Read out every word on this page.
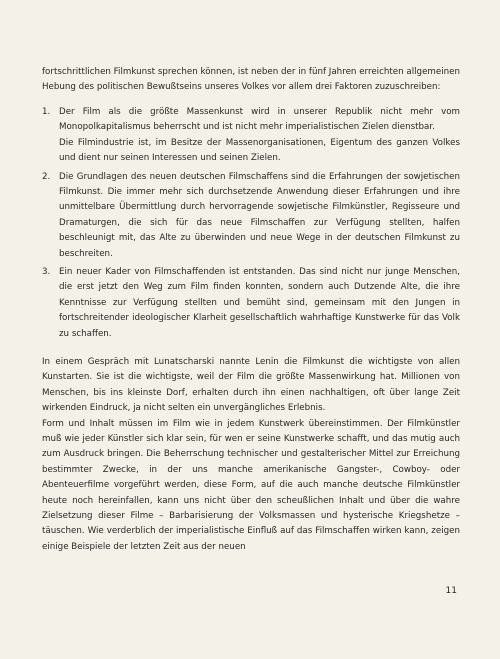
fortschrittlichen Filmkunst sprechen können, ist neben der in fünf Jahren erreichten allgemeinen Hebung des politischen Bewußtseins unseres Volkes vor allem drei Faktoren zuzuschreiben:
1.	Der Film als die größte Massenkunst wird in unserer Republik nicht mehr vom Monopolkapitalismus beherrscht und ist nicht mehr imperialistischen Zielen dienstbar.

Die Filmindustrie ist, im Besitze der Massenorganisationen, Eigentum des ganzen Volkes und dient nur seinen Interessen und seinen Zielen.

2.	Die Grundlagen des neuen deutschen Filmschaffens sind die Erfahrungen der sowjetischen Filmkunst. Die immer mehr sich durchsetzende Anwendung dieser Erfahrungen und ihre unmittelbare Übermittlung durch hervorragende sowjetische Filmkünstler, Regisseure und Dramaturgen, die sich für das neue Filmschaffen zur Verfügung stellten, halfen beschleunigt mit, das Alte zu überwinden und neue Wege in der deutschen Filmkunst zu beschreiten.

3.	Ein neuer Kader von Filmschaffenden ist entstanden. Das sind nicht nur junge Menschen, die erst jetzt den Weg zum Film finden konnten, sondern auch Dutzende Alte, die ihre Kenntnisse zur Verfügung stellten und bemüht sind, gemeinsam mit den Jungen in fortschreitender ideologischer Klarheit gesellschaftlich wahrhaftige Kunstwerke für das Volk zu schaffen.

In einem Gespräch mit Lunatscharski nannte Lenin die Filmkunst die wichtigste von allen Kunstarten. Sie ist die wichtigste, weil der Film die größte Massenwirkung hat. Millionen von Menschen, bis ins kleinste Dorf, erhalten durch ihn einen nachhaltigen, oft über lange Zeit wirkenden Eindruck, ja nicht selten ein unvergängliches Erlebnis.

Form und Inhalt müssen im Film wie in jedem Kunstwerk übereinstimmen. Der Filmkünstler muß wie jeder Künstler sich klar sein, für wen er seine Kunstwerke schafft, und das mutig auch zum Ausdruck bringen. Die Beherrschung technischer und gestalterischer Mittel zur Erreichung bestimmter Zwecke, in der uns manche amerikanische Gangster-, Cowboy- oder Abenteuerfilme vorgeführt werden, diese Form, auf die auch manche deutsche Filmkünstler heute noch hereinfallen, kann uns nicht über den scheußlichen Inhalt und über die wahre Zielsetzung dieser Filme – Barbarisierung der Volksmassen und hysterische Kriegshetze – täuschen. Wie verderblich der imperialistische Einfluß auf das Filmschaffen wirken kann, zeigen einige Beispiele der letzten Zeit aus der neuen

11
